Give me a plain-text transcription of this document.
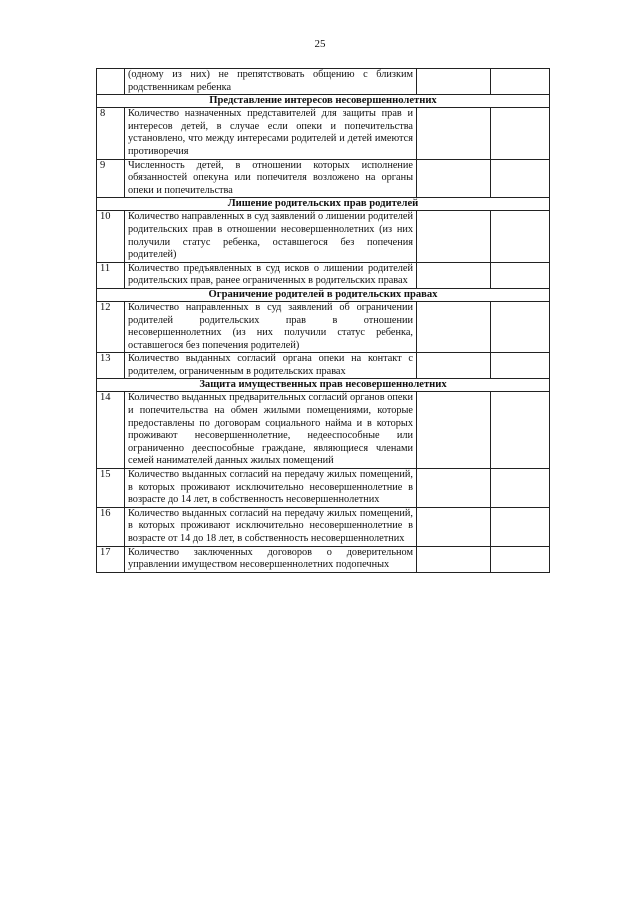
25
	(одному из них) не препятствовать общению с близким родственникам ребенка		
Представление интересов несовершеннолетних			
8	Количество назначенных представителей для защиты прав и интересов детей, в случае если опеки и попечительства установлено, что между интересами родителей и детей имеются противоречия		
9	Численность детей, в отношении которых исполнение обязанностей опекуна или попечителя возложено на органы опеки и попечительства		
Лишение родительских прав родителей			
10	Количество направленных в суд заявлений о лишении родителей родительских прав в отношении несовершеннолетних (из них получили статус ребенка, оставшегося без попечения родителей)		
11	Количество предъявленных в суд исков о лишении родителей родительских прав, ранее ограниченных в родительских правах		
Ограничение родителей в родительских правах			
12	Количество направленных в суд заявлений об ограничении родителей родительских прав в отношении несовершеннолетних (из них получили статус ребенка, оставшегося без попечения родителей)		
13	Количество выданных согласий органа опеки на контакт с родителем, ограниченным в родительских правах		
Защита имущественных прав несовершеннолетних			
14	Количество выданных предварительных согласий органов опеки и попечительства на обмен жилыми помещениями, которые предоставлены по договорам социального найма и в которых проживают несовершеннолетние, недееспособные или ограниченно дееспособные граждане, являющиеся членами семей нанимателей данных жилых помещений		
15	Количество выданных согласий на передачу жилых помещений, в которых проживают исключительно несовершеннолетние в возрасте до 14 лет, в собственность несовершеннолетних		
16	Количество выданных согласий на передачу жилых помещений, в которых проживают исключительно несовершеннолетние в возрасте от 14 до 18 лет, в собственность несовершеннолетних		
17	Количество заключенных договоров о доверительном управлении имуществом несовершеннолетних подопечных		
